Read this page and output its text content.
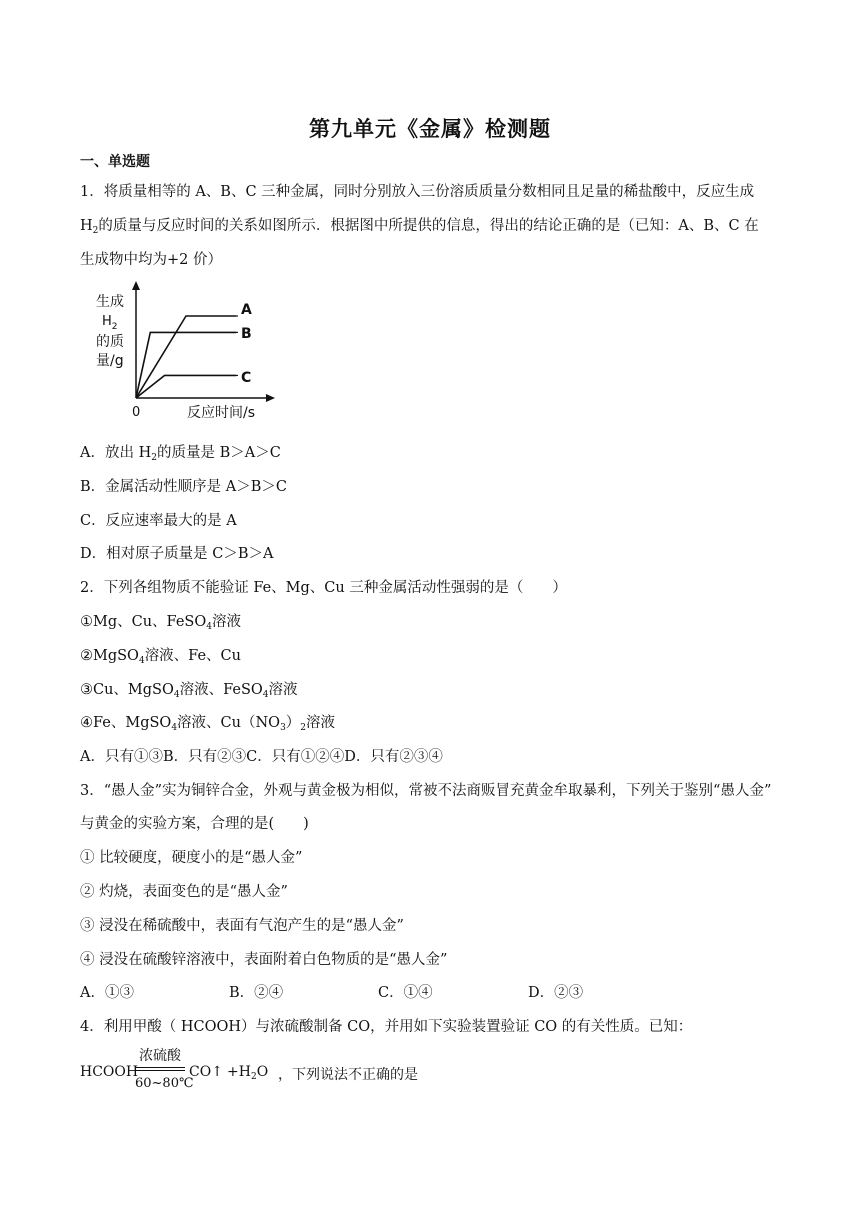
第九单元《金属》检测题
一、单选题
1．将质量相等的 A、B、C 三种金属，同时分别放入三份溶质质量分数相同且足量的稀盐酸中，反应生成
$H_2$的质量与反应时间的关系如图所示．根据图中所提供的信息，得出的结论正确的是（已知：A、B、C 在
生成物中均为+2 价）
生成
$H_2$
的质
量/g
0	反应时间/s
A
B
C
A．放出 $H_2$的质量是 B＞A＞C
B．金属活动性顺序是 A＞B＞C
C．反应速率最大的是 A
D．相对原子质量是 C＞B＞A
2．下列各组物质不能验证 Fe、Mg、Cu 三种金属活动性强弱的是（　　）
①Mg、Cu、FeSO$_4$溶液
②MgSO$_4$溶液、Fe、Cu
③Cu、MgSO$_4$溶液、FeSO$_4$溶液
④Fe、MgSO$_4$溶液、$Cu(NO_3)_2$溶液
A．只有①③B．只有②③C．只有①②④D．只有②③④
3．“愚人金”实为铜锌合金，外观与黄金极为相似，常被不法商贩冒充黄金牟取暴利，下列关于鉴别“愚人金”
与黄金的实验方案，合理的是(　　)
① 比较硬度，硬度小的是“愚人金”
② 灼烧，表面变色的是“愚人金”
③ 浸没在稀硫酸中，表面有气泡产生的是“愚人金”
④ 浸没在硫酸锌溶液中，表面附着白色物质的是“愚人金”
A．①③	B．②④	C．①④	D．②③
4．利用甲酸（ HCOOH）与浓硫酸制备 CO，并用如下实验装置验证 CO 的有关性质。已知：
HCOOH
浓硫酸
60~80℃
CO↑ $+H_2O$ ，下列说法不正确的是
